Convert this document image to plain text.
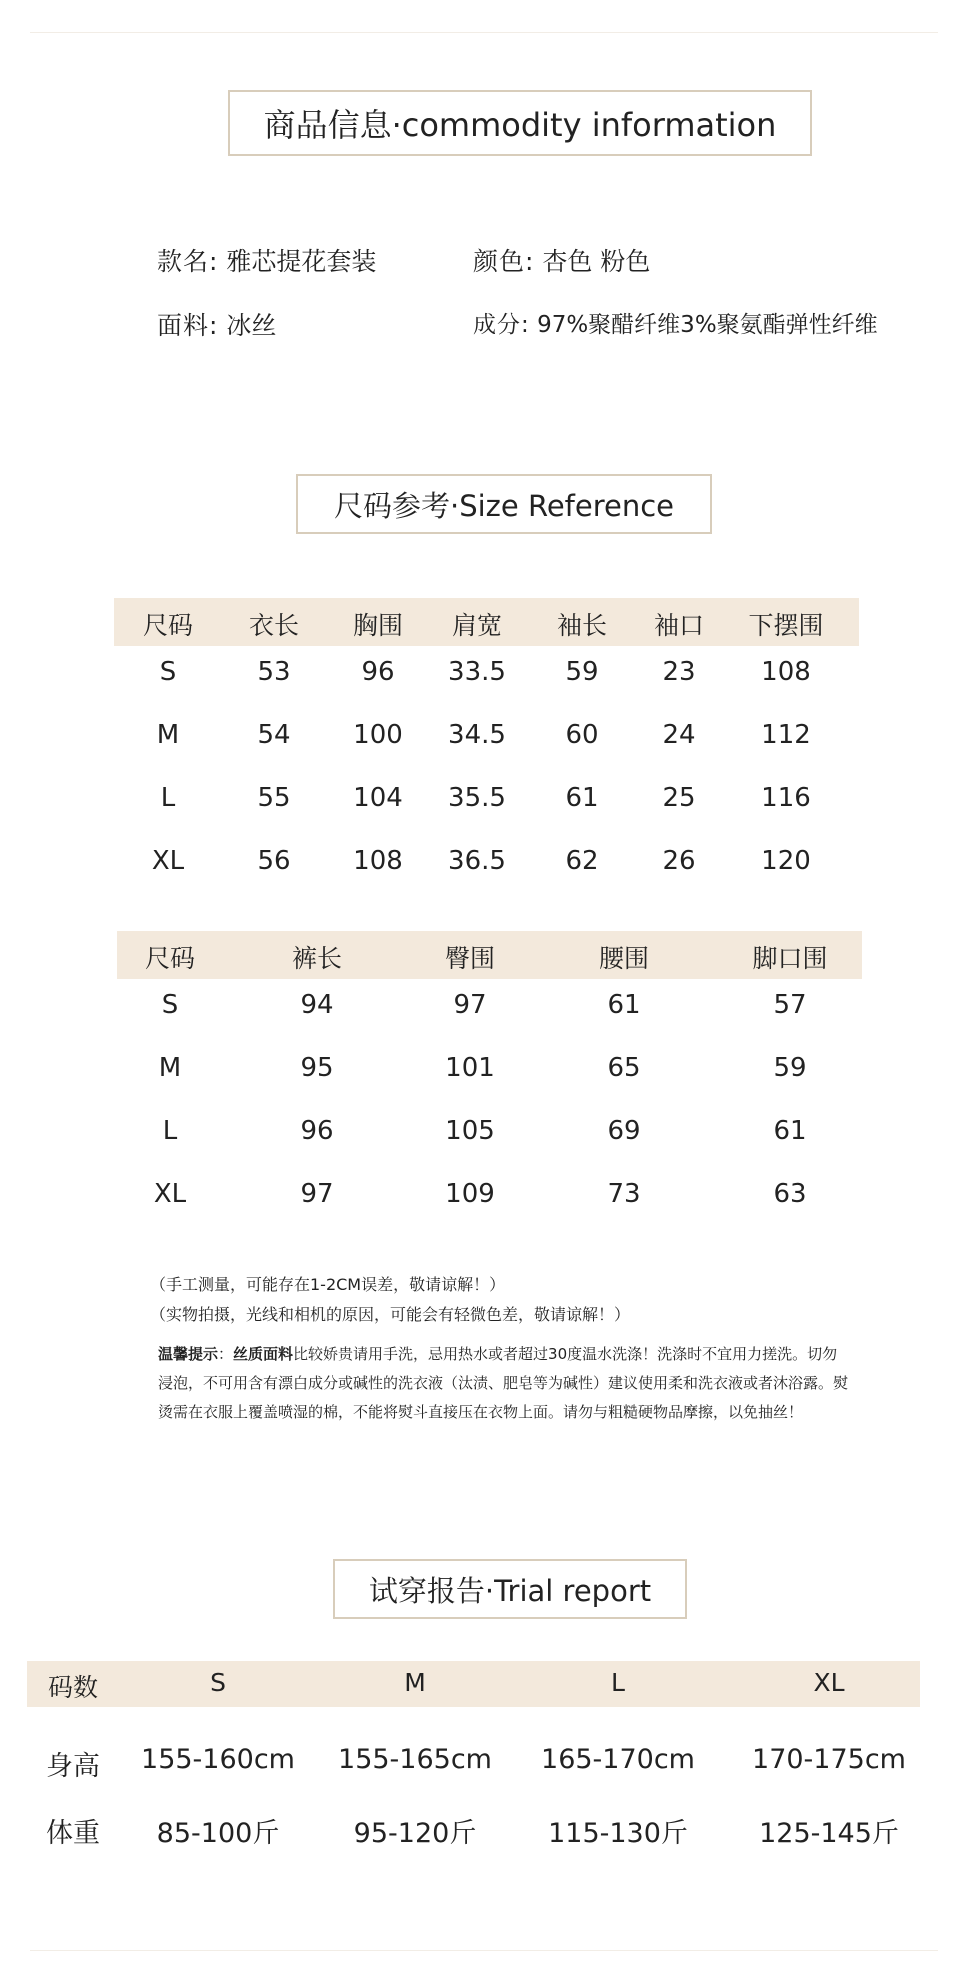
商品信息·commodity information
款名: 雅芯提花套装	颜色: 杏色 粉色
面料: 冰丝	成分: 97%聚醋纤维3%聚氨酯弹性纤维
尺码参考·Size Reference
尺码 衣长 胸围 肩宽 袖长 袖口 下摆围
S	53	96 33.5 59 23	108
M	54 100 34.5 60 24	112
L	55 104 35.5 61 25	116
XL	56 108 36.5 62 26	120
尺码	裤长	臀围	腰围	脚口围
S	94	97	61	57
M	95	101	65	59
L	96	105	69	61
XL	97	109	73	63
（手工测量，可能存在1-2CM误差，敬请谅解！）
（实物拍摄，光线和相机的原因，可能会有轻微色差，敬请谅解！）
温馨提示：丝质面料比较娇贵请用手洗，忌用热水或者超过30度温水洗涤！洗涤时不宜用力搓洗。切勿浸泡，不可用含有漂白成分或碱性的洗衣液（汰渍、肥皂等为碱性）建议使用柔和洗衣液或者沐浴露。熨烫需在衣服上覆盖喷湿的棉，不能将熨斗直接压在衣物上面。请勿与粗糙硬物品摩擦，以免抽丝！
试穿报告·Trial report
码数	S	M	L	XL
身高 155-160cm 155-165cm 165-170cm 170-175cm
体重 85-100斤	95-120斤	115-130斤	125-145斤
